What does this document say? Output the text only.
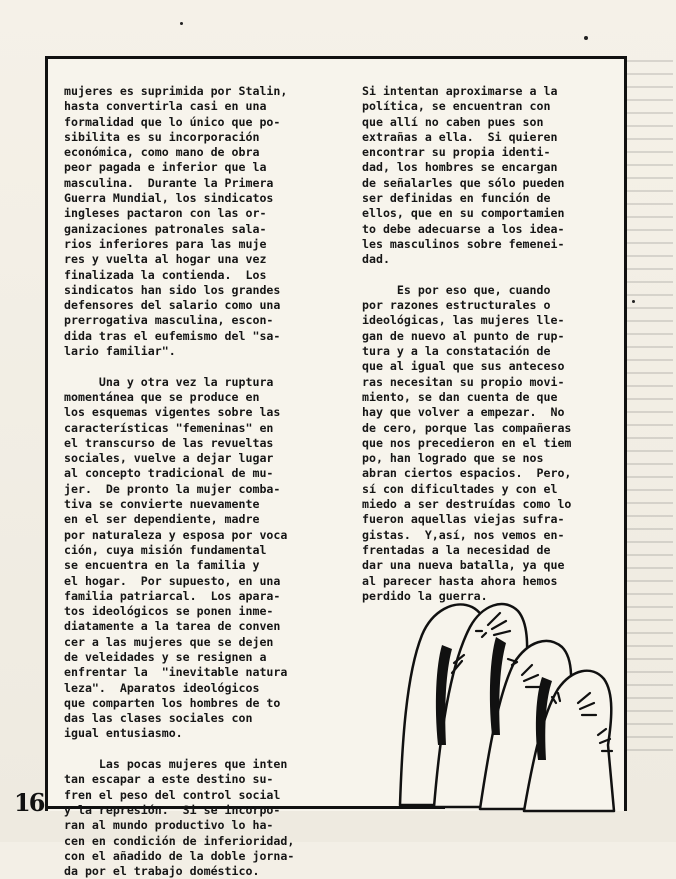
mujeres es suprimida por Stalin,
hasta convertirla casi en una
formalidad que lo único que po-
sibilita es su incorporación
económica, como mano de obra
peor pagada e inferior que la
masculina.  Durante la Primera
Guerra Mundial, los sindicatos
ingleses pactaron con las or-
ganizaciones patronales sala-
rios inferiores para las muje
res y vuelta al hogar una vez
finalizada la contienda.  Los
sindicatos han sido los grandes
defensores del salario como una
prerrogativa masculina, escon-
dida tras el eufemismo del "sa-
lario familiar".
Una y otra vez la ruptura
momentánea que se produce en
los esquemas vigentes sobre las
características "femeninas" en
el transcurso de las revueltas
sociales, vuelve a dejar lugar
al concepto tradicional de mu-
jer.  De pronto la mujer comba-
tiva se convierte nuevamente
en el ser dependiente, madre
por naturaleza y esposa por voca
ción, cuya misión fundamental
se encuentra en la familia y
el hogar.  Por supuesto, en una
familia patriarcal.  Los apara-
tos ideológicos se ponen inme-
diatamente a la tarea de conven
cer a las mujeres que se dejen
de veleidades y se resignen a
enfrentar la  "inevitable natura
leza".  Aparatos ideológicos
que comparten los hombres de to
das las clases sociales con
igual entusiasmo.
Las pocas mujeres que inten
tan escapar a este destino su-
fren el peso del control social
y la represión.  Si se incorpo-
ran al mundo productivo lo ha-
cen en condición de inferioridad,
con el añadido de la doble jorna-
da por el trabajo doméstico.
Si intentan aproximarse a la
política, se encuentran con
que allí no caben pues son
extrañas a ella.  Si quieren
encontrar su propia identi-
dad, los hombres se encargan
de señalarles que sólo pueden
ser definidas en función de
ellos, que en su comportamien
to debe adecuarse a los idea-
les masculinos sobre femenei-
dad.
Es por eso que, cuando
por razones estructurales o
ideológicas, las mujeres lle-
gan de nuevo al punto de rup-
tura y a la constatación de
que al igual que sus anteceso
ras necesitan su propio movi-
miento, se dan cuenta de que
hay que volver a empezar.  No
de cero, porque las compañeras
que nos precedieron en el tiem
po, han logrado que se nos
abran ciertos espacios.  Pero,
sí con dificultades y con el
miedo a ser destruídas como lo
fueron aquellas viejas sufra-
gistas.  Y,así, nos vemos en-
frentadas a la necesidad de
dar una nueva batalla, ya que
al parecer hasta ahora hemos
perdido la guerra.
16
